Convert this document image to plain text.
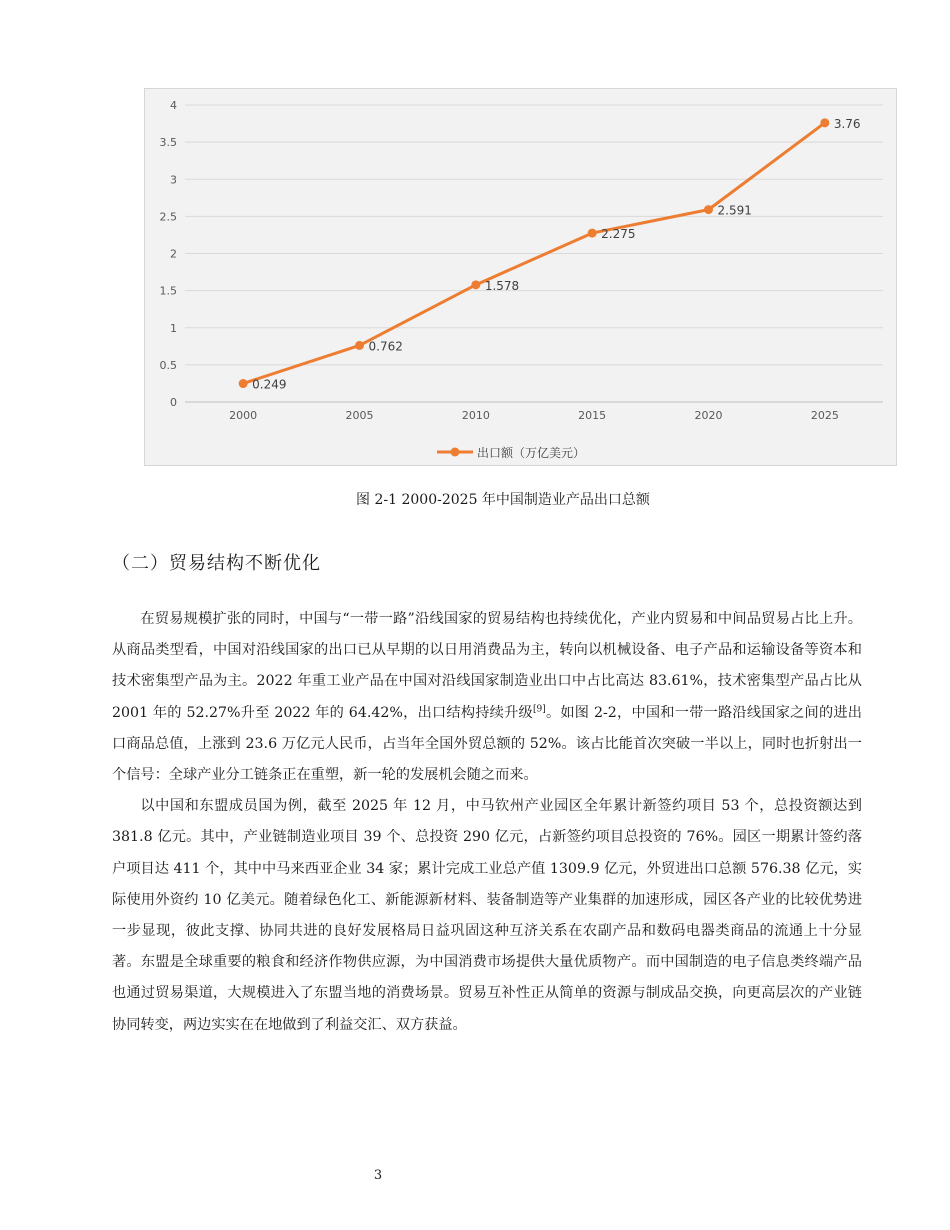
0
0.5
1
1.5
2
2.5
3
3.5
4
2000	2005	2010	2015	2020	2025
0.249
0.762
1.578
2.275
2.591
3.76
出口额（万亿美元）
图 2-1 2000-2025 年中国制造业产品出口总额
（二）贸易结构不断优化

在贸易规模扩张的同时，中国与“一带一路”沿线国家的贸易结构也持续优化，产业内贸易和中间品贸易占比上升。从商品类型看，中国对沿线国家的出口已从早期的以日用消费品为主，转向以机械设备、电子产品和运输设备等资本和技术密集型产品为主。2022 年重工业产品在中国对沿线国家制造业出口中占比高达 83.61%，技术密集型产品占比从 2001 年的 52.27%升至 2022 年的 64.42%，出口结构持续升级[9]。如图 2-2，中国和一带一路沿线国家之间的进出口商品总值，上涨到 23.6 万亿元人民币，占当年全国外贸总额的 52%。该占比能首次突破一半以上，同时也折射出一个信号：全球产业分工链条正在重塑，新一轮的发展机会随之而来。

以中国和东盟成员国为例，截至 2025 年 12 月，中马钦州产业园区全年累计新签约项目 53 个，总投资额达到 381.8 亿元。其中，产业链制造业项目 39 个、总投资 290 亿元，占新签约项目总投资的 76%。园区一期累计签约落户项目达 411 个，其中中马来西亚企业 34 家；累计完成工业总产值 1309.9 亿元，外贸进出口总额 576.38 亿元，实际使用外资约 10 亿美元。随着绿色化工、新能源新材料、装备制造等产业集群的加速形成，园区各产业的比较优势进一步显现，彼此支撑、协同共进的良好发展格局日益巩固这种互济关系在农副产品和数码电器类商品的流通上十分显著。东盟是全球重要的粮食和经济作物供应源，为中国消费市场提供大量优质物产。而中国制造的电子信息类终端产品也通过贸易渠道，大规模进入了东盟当地的消费场景。贸易互补性正从简单的资源与制成品交换，向更高层次的产业链协同转变，两边实实在在地做到了利益交汇、双方获益。

3
